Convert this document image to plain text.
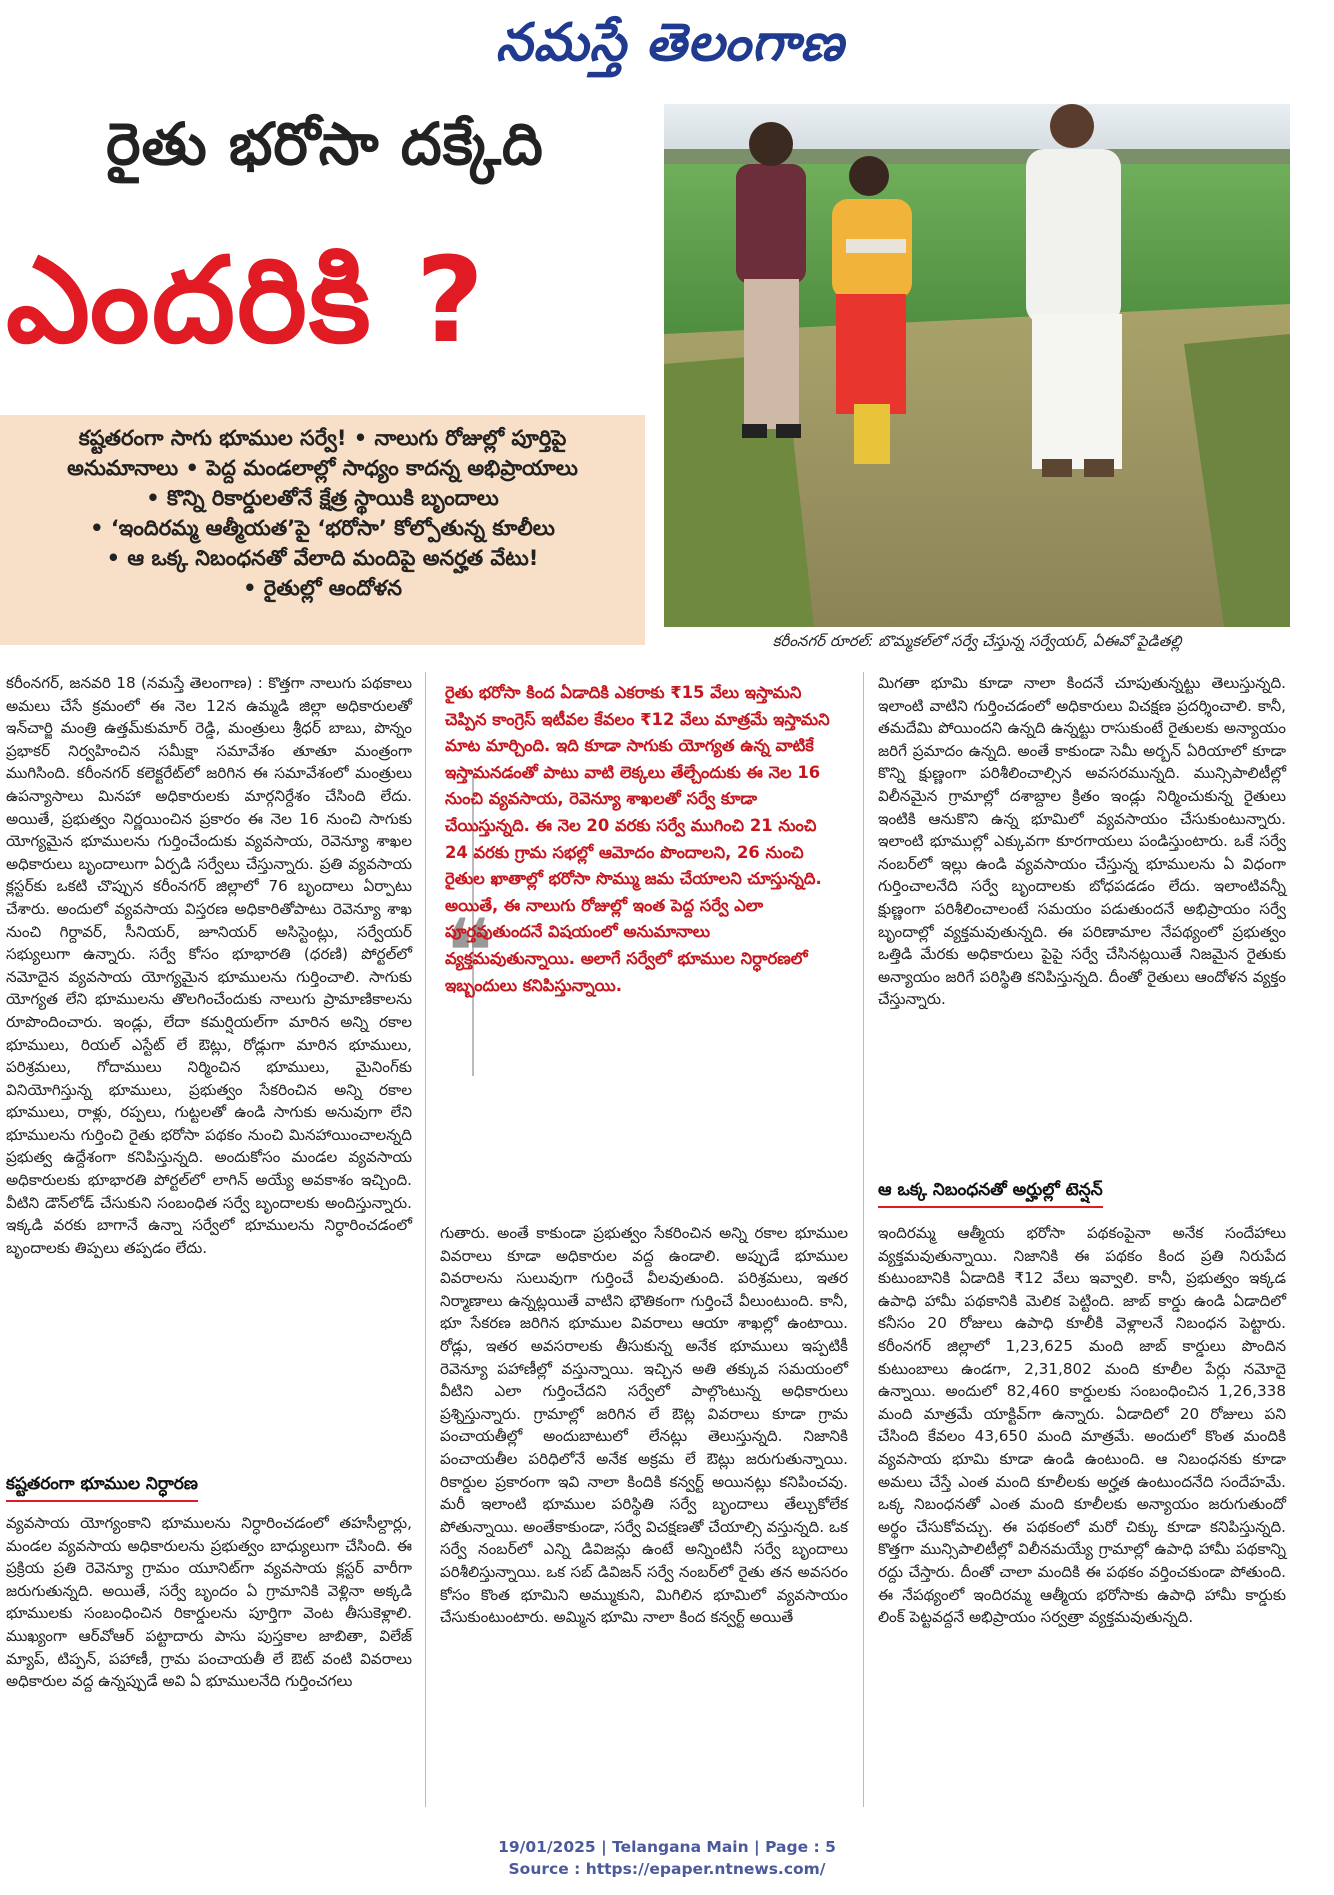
నమస్తే తెలంగాణ
రైతు భరోసా దక్కేది
ఎందరికి ?
కరీంనగర్ రూరల్: బొమ్మకల్‌లో సర్వే చేస్తున్న సర్వేయర్, ఏఈవో పైడితల్లి
కష్టతరంగా సాగు భూముల సర్వే! • నాలుగు రోజుల్లో పూర్తిపై
అనుమానాలు • పెద్ద మండలాల్లో సాధ్యం కాదన్న అభిప్రాయాలు
• కొన్ని రికార్డులతోనే క్షేత్ర స్థాయికి బృందాలు
• ‘ఇందిరమ్మ ఆత్మీయత’పై ‘భరోసా’ కోల్పోతున్న కూలీలు
• ఆ ఒక్క నిబంధనతో వేలాది మందిపై అనర్హత వేటు!
• రైతుల్లో ఆందోళన

కరీంనగర్, జనవరి 18 (నమస్తే తెలంగాణ) : కొత్తగా నాలుగు పథకాలు అమలు చేసే క్రమంలో ఈ నెల 12న ఉమ్మడి జిల్లా అధికారులతో ఇన్‌చార్జి మంత్రి ఉత్తమ్‌కుమార్ రెడ్డి, మంత్రులు శ్రీధర్ బాబు, పొన్నం ప్రభాకర్ నిర్వహించిన సమీక్షా సమావేశం తూతూ మంత్రంగా ముగిసింది. కరీంనగర్ కలెక్టరేట్‌లో జరిగిన ఈ సమావేశంలో మంత్రులు ఉపన్యాసాలు మినహా అధికారులకు మార్గనిర్దేశం చేసింది లేదు. అయితే, ప్రభుత్వం నిర్ణయించిన ప్రకారం ఈ నెల 16 నుంచి సాగుకు యోగ్యమైన భూములను గుర్తించేందుకు వ్యవసాయ, రెవెన్యూ శాఖల అధికారులు బృందాలుగా ఏర్పడి సర్వేలు చేస్తున్నారు. ప్రతి వ్యవసాయ క్లస్టర్‌కు ఒకటి చొప్పున కరీంనగర్ జిల్లాలో 76 బృందాలు ఏర్పాటు చేశారు. అందులో వ్యవసాయ విస్తరణ అధికారితోపాటు రెవెన్యూ శాఖ నుంచి గిర్దావర్, సీనియర్, జూనియర్ అసిస్టెంట్లు, సర్వేయర్ సభ్యులుగా ఉన్నారు. సర్వే కోసం భూభారతి (ధరణి) పోర్టల్‌లో నమోదైన వ్యవసాయ యోగ్యమైన భూములను గుర్తించాలి. సాగుకు యోగ్యత లేని భూములను తొలగించేందుకు నాలుగు ప్రామాణికాలను రూపొందించారు. ఇండ్లు, లేదా కమర్షియల్‌గా మారిన అన్ని రకాల భూములు, రియల్ ఎస్టేట్ లే ఔట్లు, రోడ్లుగా మారిన భూములు, పరిశ్రమలు, గోదాములు నిర్మించిన భూములు, మైనింగ్‌కు వినియోగిస్తున్న భూములు, ప్రభుత్వం సేకరించిన అన్ని రకాల భూములు, రాళ్లు, రప్పలు, గుట్టలతో ఉండి సాగుకు అనువుగా లేని భూములను గుర్తించి రైతు భరోసా పథకం నుంచి మినహాయించాలన్నది ప్రభుత్వ ఉద్దేశంగా కనిపిస్తున్నది. అందుకోసం మండల వ్యవసాయ అధికారులకు భూభారతి పోర్టల్‌లో లాగిన్ అయ్యే అవకాశం ఇచ్చింది. వీటిని డౌన్‌లోడ్ చేసుకుని సంబంధిత సర్వే బృందాలకు అందిస్తున్నారు. ఇక్కడి వరకు బాగానే ఉన్నా సర్వేలో భూములను నిర్ధారించడంలో బృందాలకు తిప్పలు తప్పడం లేదు.

కష్టతరంగా భూముల నిర్ధారణ

వ్యవసాయ యోగ్యంకాని భూములను నిర్ధారించడంలో తహసీల్దార్లు, మండల వ్యవసాయ అధికారులను ప్రభుత్వం బాధ్యులుగా చేసింది. ఈ ప్రక్రియ ప్రతి రెవెన్యూ గ్రామం యూనిట్‌గా వ్యవసాయ క్లస్టర్ వారీగా జరుగుతున్నది. అయితే, సర్వే బృందం ఏ గ్రామానికి వెళ్లినా అక్కడి భూములకు సంబంధించిన రికార్డులను పూర్తిగా వెంట తీసుకెళ్లాలి. ముఖ్యంగా ఆర్‌వోఆర్ పట్టాదారు పాసు పుస్తకాల జాబితా, విలేజ్ మ్యాప్, టిప్పన్, పహాణీ, గ్రామ పంచాయతీ లే ఔట్ వంటి వివరాలు అధికారుల వద్ద ఉన్నప్పుడే అవి ఏ భూములనేది గుర్తించగలు

❝
రైతు భరోసా కింద ఏడాదికి ఎకరాకు ₹15 వేలు ఇస్తామని చెప్పిన కాంగ్రెస్ ఇటీవల కేవలం ₹12 వేలు మాత్రమే ఇస్తామని మాట మార్చింది. ఇది కూడా సాగుకు యోగ్యత ఉన్న వాటికే ఇస్తామనడంతో పాటు వాటి లెక్కలు తేల్చేందుకు ఈ నెల 16 నుంచి వ్యవసాయ, రెవెన్యూ శాఖలతో సర్వే కూడా చేయిస్తున్నది. ఈ నెల 20 వరకు సర్వే ముగించి 21 నుంచి 24 వరకు గ్రామ సభల్లో ఆమోదం పొందాలని, 26 నుంచి రైతుల ఖాతాల్లో భరోసా సొమ్ము జమ చేయాలని చూస్తున్నది. అయితే, ఈ నాలుగు రోజుల్లో ఇంత పెద్ద సర్వే ఎలా పూర్తవుతుందనే విషయంలో అనుమానాలు వ్యక్తమవుతున్నాయి. అలాగే సర్వేలో భూముల నిర్ధారణలో ఇబ్బందులు కనిపిస్తున్నాయి.

గుతారు. అంతే కాకుండా ప్రభుత్వం సేకరించిన అన్ని రకాల భూముల వివరాలు కూడా అధికారుల వద్ద ఉండాలి. అప్పుడే భూముల వివరాలను సులువుగా గుర్తించే వీలవుతుంది. పరిశ్రమలు, ఇతర నిర్మాణాలు ఉన్నట్లయితే వాటిని భౌతికంగా గుర్తించే వీలుంటుంది. కానీ, భూ సేకరణ జరిగిన భూముల వివరాలు ఆయా శాఖల్లో ఉంటాయి. రోడ్లు, ఇతర అవసరాలకు తీసుకున్న అనేక భూములు ఇప్పటికీ రెవెన్యూ పహాణీల్లో వస్తున్నాయి. ఇచ్చిన అతి తక్కువ సమయంలో వీటిని ఎలా గుర్తించేదని సర్వేలో పాల్గొంటున్న అధికారులు ప్రశ్నిస్తున్నారు. గ్రామాల్లో జరిగిన లే ఔట్ల వివరాలు కూడా గ్రామ పంచాయతీల్లో అందుబాటులో లేనట్లు తెలుస్తున్నది. నిజానికి పంచాయతీల పరిధిలోనే అనేక అక్రమ లే ఔట్లు జరుగుతున్నాయి. రికార్డుల ప్రకారంగా ఇవి నాలా కిందికి కన్వర్ట్ అయినట్లు కనిపించవు. మరీ ఇలాంటి భూముల పరిస్థితి సర్వే బృందాలు తేల్చుకోలేక పోతున్నాయి. అంతేకాకుండా, సర్వే విచక్షణతో చేయాల్సి వస్తున్నది. ఒక సర్వే నంబర్‌లో ఎన్ని డివిజన్లు ఉంటే అన్నింటినీ సర్వే బృందాలు పరిశీలిస్తున్నాయి. ఒక సబ్ డివిజన్ సర్వే నంబర్‌లో రైతు తన అవసరం కోసం కొంత భూమిని అమ్ముకుని, మిగిలిన భూమిలో వ్యవసాయం చేసుకుంటుంటారు. అమ్మిన భూమి నాలా కింద కన్వర్ట్ అయితే

మిగతా భూమి కూడా నాలా కిందనే చూపుతున్నట్టు తెలుస్తున్నది. ఇలాంటి వాటిని గుర్తించడంలో అధికారులు విచక్షణ ప్రదర్శించాలి. కానీ, తమదేమి పోయిందని ఉన్నది ఉన్నట్టు రాసుకుంటే రైతులకు అన్యాయం జరిగే ప్రమాదం ఉన్నది. అంతే కాకుండా సెమీ అర్బన్ ఏరియాలో కూడా కొన్ని క్షుణ్ణంగా పరిశీలించాల్సిన అవసరమున్నది. మున్సిపాలిటీల్లో విలీనమైన గ్రామాల్లో దశాబ్దాల క్రితం ఇండ్లు నిర్మించుకున్న రైతులు ఇంటికి ఆనుకొని ఉన్న భూమిలో వ్యవసాయం చేసుకుంటున్నారు. ఇలాంటి భూముల్లో ఎక్కువగా కూరగాయలు పండిస్తుంటారు. ఒకే సర్వే నంబర్‌లో ఇల్లు ఉండి వ్యవసాయం చేస్తున్న భూములను ఏ విధంగా గుర్తించాలనేది సర్వే బృందాలకు బోధపడడం లేదు. ఇలాంటివన్నీ క్షుణ్ణంగా పరిశీలించాలంటే సమయం పడుతుందనే అభిప్రాయం సర్వే బృందాల్లో వ్యక్తమవుతున్నది. ఈ పరిణామాల నేపథ్యంలో ప్రభుత్వం ఒత్తిడి మేరకు అధికారులు పైపై సర్వే చేసినట్లయితే నిజమైన రైతుకు అన్యాయం జరిగే పరిస్థితి కనిపిస్తున్నది. దీంతో రైతులు ఆందోళన వ్యక్తం చేస్తున్నారు.

ఆ ఒక్క నిబంధనతో అర్హుల్లో టెన్షన్

ఇందిరమ్మ ఆత్మీయ భరోసా పథకంపైనా అనేక సందేహాలు వ్యక్తమవుతున్నాయి. నిజానికి ఈ పథకం కింద ప్రతి నిరుపేద కుటుంబానికి ఏడాదికి ₹12 వేలు ఇవ్వాలి. కానీ, ప్రభుత్వం ఇక్కడ ఉపాధి హామీ పథకానికి మెలిక పెట్టింది. జాబ్ కార్డు ఉండి ఏడాదిలో కనీసం 20 రోజులు ఉపాధి కూలీకి వెళ్లాలనే నిబంధన పెట్టారు. కరీంనగర్ జిల్లాలో 1,23,625 మంది జాబ్ కార్డులు పొందిన కుటుంబాలు ఉండగా, 2,31,802 మంది కూలీల పేర్లు నమోదై ఉన్నాయి. అందులో 82,460 కార్డులకు సంబంధించిన 1,26,338 మంది మాత్రమే యాక్టివ్‌గా ఉన్నారు. ఏడాదిలో 20 రోజులు పని చేసింది కేవలం 43,650 మంది మాత్రమే. అందులో కొంత మందికి వ్యవసాయ భూమి కూడా ఉండి ఉంటుంది. ఆ నిబంధనకు కూడా అమలు చేస్తే ఎంత మంది కూలీలకు అర్హత ఉంటుందనేది సందేహమే. ఒక్క నిబంధనతో ఎంత మంది కూలీలకు అన్యాయం జరుగుతుందో అర్థం చేసుకోవచ్చు. ఈ పథకంలో మరో చిక్కు కూడా కనిపిస్తున్నది. కొత్తగా మున్సిపాలిటీల్లో విలీనమయ్యే గ్రామాల్లో ఉపాధి హామీ పథకాన్ని రద్దు చేస్తారు. దీంతో చాలా మందికి ఈ పథకం వర్తించకుండా పోతుంది. ఈ నేపథ్యంలో ఇందిరమ్మ ఆత్మీయ భరోసాకు ఉపాధి హామీ కార్డుకు లింక్ పెట్టవద్దనే అభిప్రాయం సర్వత్రా వ్యక్తమవుతున్నది.

19/01/2025 | Telangana Main | Page : 5
Source : https://epaper.ntnews.com/
